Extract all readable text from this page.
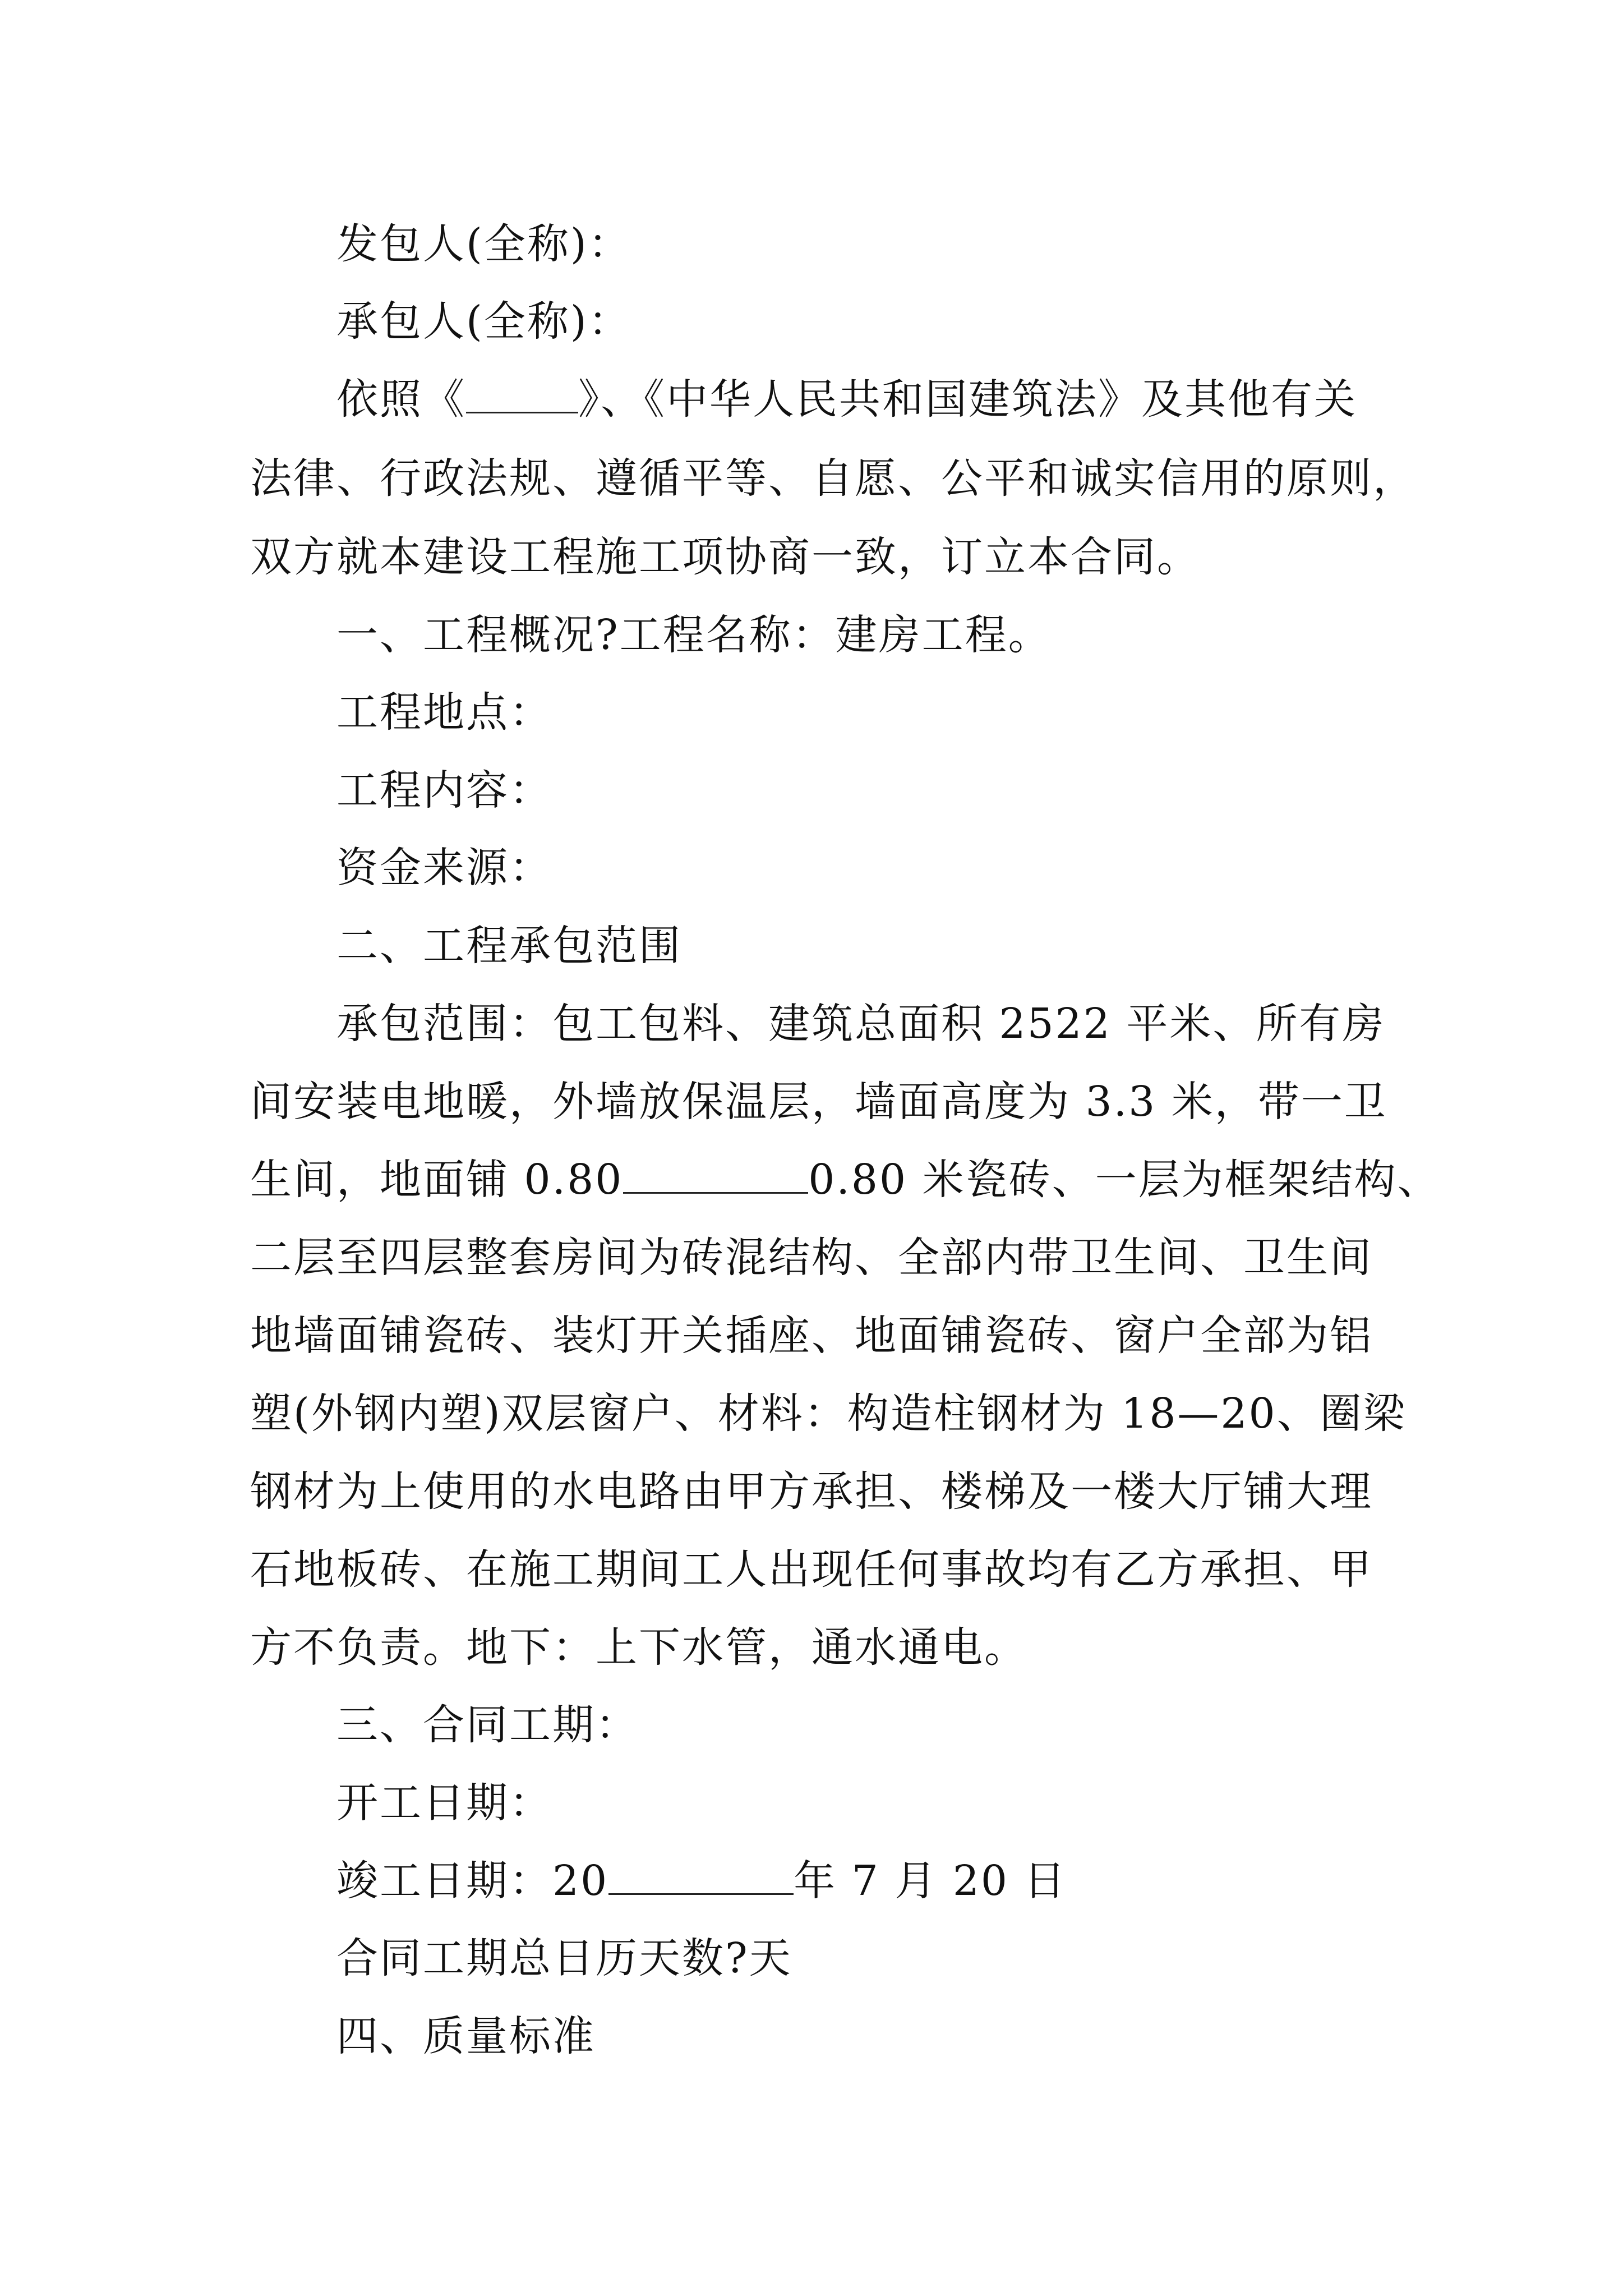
发包人(全称)：
承包人(全称)：
依照《	》、《中华人民共和国建筑法》及其他有关
法律、行政法规、遵循平等、自愿、公平和诚实信用的原则，
双方就本建设工程施工项协商一致，订立本合同。
一、工程概况?工程名称：建房工程。
工程地点：
工程内容：
资金来源：
二、工程承包范围
承包范围：包工包料、建筑总面积 2522 平米、所有房
间安装电地暖，外墙放保温层，墙面高度为 3.3 米，带一卫
生间，地面铺 0.80	0.80 米瓷砖、一层为框架结构、
二层至四层整套房间为砖混结构、全部内带卫生间、卫生间
地墙面铺瓷砖、装灯开关插座、地面铺瓷砖、窗户全部为铝
塑(外钢内塑)双层窗户、材料：构造柱钢材为 18—20、圈梁
钢材为上使用的水电路由甲方承担、楼梯及一楼大厅铺大理
石地板砖、在施工期间工人出现任何事故均有乙方承担、甲
方不负责。地下：上下水管，通水通电。
三、合同工期：
开工日期：
竣工日期：20	年 7 月 20 日
合同工期总日历天数?天
四、质量标准
